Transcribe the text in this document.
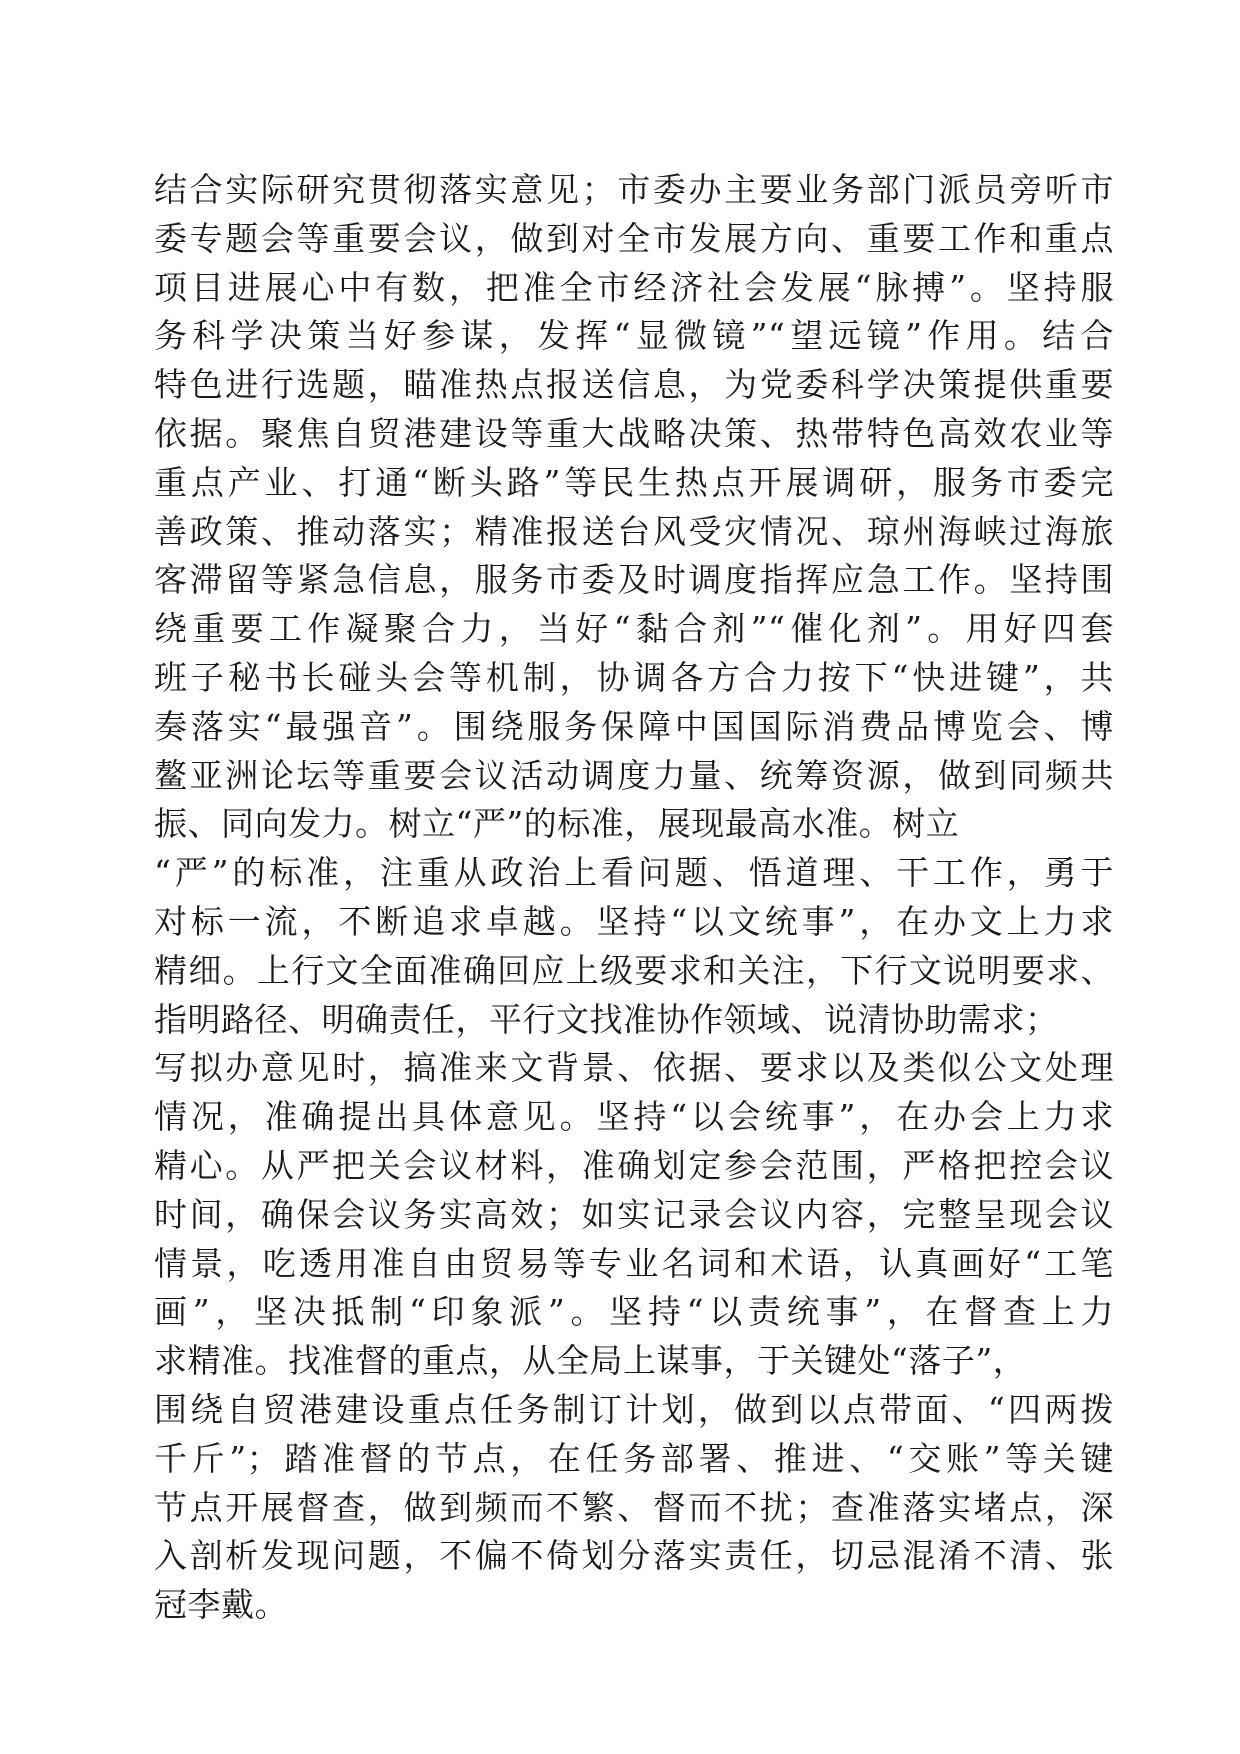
结合实际研究贯彻落实意见；市委办主要业务部门派员旁听市
委专题会等重要会议，做到对全市发展方向、重要工作和重点
项目进展心中有数，把准全市经济社会发展“脉搏”。坚持服
务科学决策当好参谋，发挥“显微镜”“望远镜”作用。结合
特色进行选题，瞄准热点报送信息，为党委科学决策提供重要
依据。聚焦自贸港建设等重大战略决策、热带特色高效农业等
重点产业、打通“断头路”等民生热点开展调研，服务市委完
善政策、推动落实；精准报送台风受灾情况、琼州海峡过海旅
客滞留等紧急信息，服务市委及时调度指挥应急工作。坚持围
绕重要工作凝聚合力，当好“黏合剂”“催化剂”。用好四套
班子秘书长碰头会等机制，协调各方合力按下“快进键”，共
奏落实“最强音”。围绕服务保障中国国际消费品博览会、博
鳌亚洲论坛等重要会议活动调度力量、统筹资源，做到同频共
振、同向发力。树立“严”的标准，展现最高水准。树立
“严”的标准，注重从政治上看问题、悟道理、干工作，勇于
对标一流，不断追求卓越。坚持“以文统事”，在办文上力求
精细。上行文全面准确回应上级要求和关注，下行文说明要求、
指明路径、明确责任，平行文找准协作领域、说清协助需求；
写拟办意见时，搞准来文背景、依据、要求以及类似公文处理
情况，准确提出具体意见。坚持“以会统事”，在办会上力求
精心。从严把关会议材料，准确划定参会范围，严格把控会议
时间，确保会议务实高效；如实记录会议内容，完整呈现会议
情景，吃透用准自由贸易等专业名词和术语，认真画好“工笔
画”，坚决抵制“印象派”。坚持“以责统事”，在督查上力
求精准。找准督的重点，从全局上谋事，于关键处“落子”，
围绕自贸港建设重点任务制订计划，做到以点带面、“四两拨
千斤”；踏准督的节点，在任务部署、推进、“交账”等关键
节点开展督查，做到频而不繁、督而不扰；查准落实堵点，深
入剖析发现问题，不偏不倚划分落实责任，切忌混淆不清、张
冠李戴。
